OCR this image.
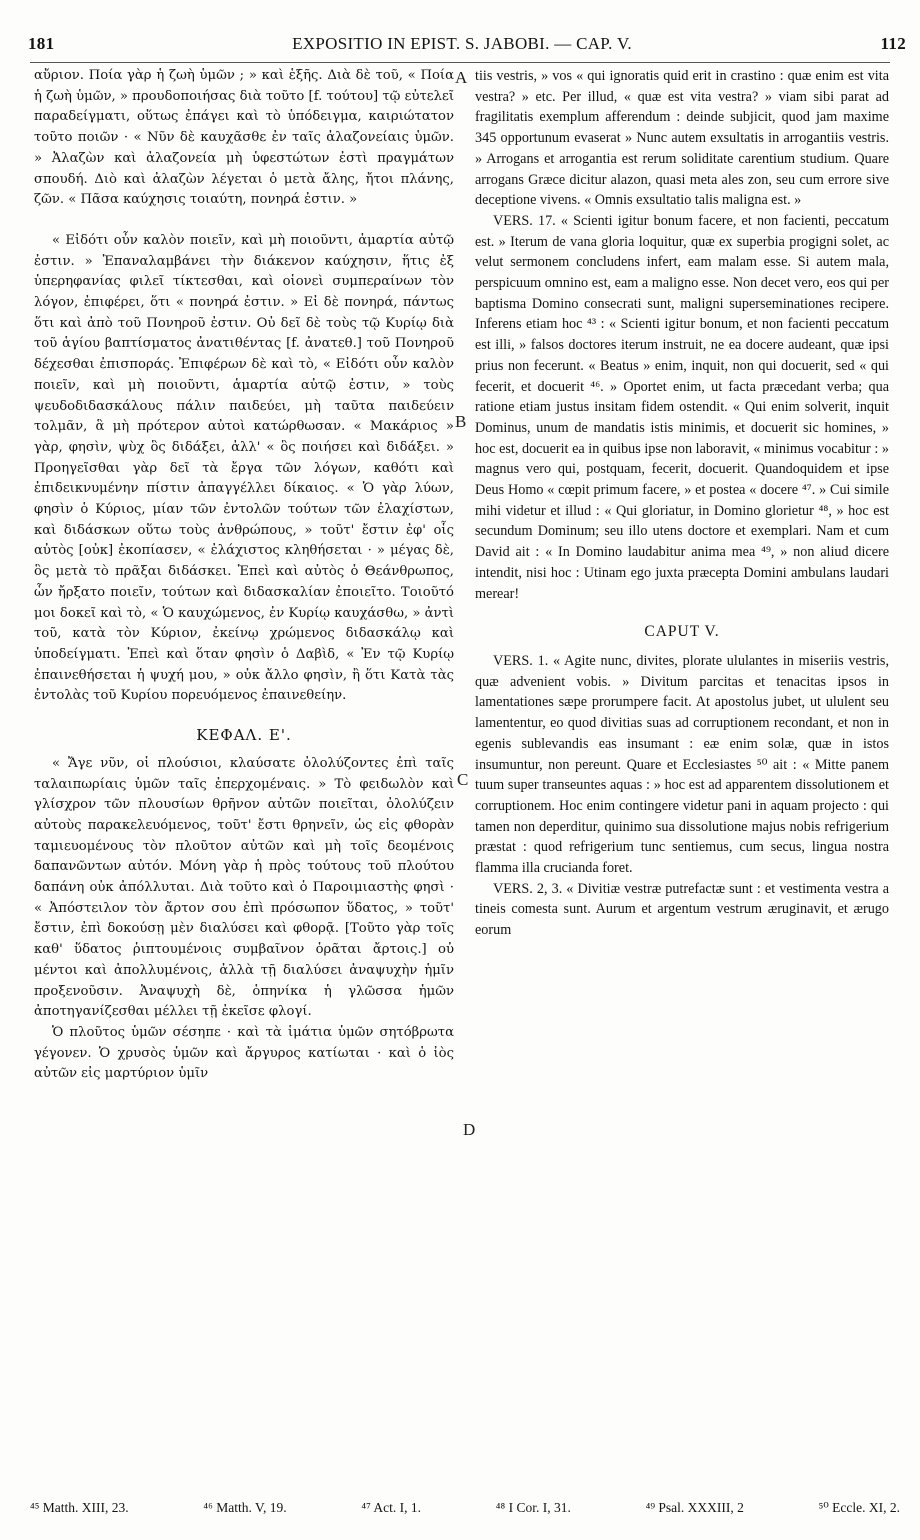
181	EXPOSITIO IN EPIST. S. JABOBI. — CAP. V.	112

αὔριον. Ποία γὰρ ἡ ζωὴ ὑμῶν ; » καὶ ἑξῆς. Διὰ δὲ τοῦ, « Ποία ἡ ζωὴ ὑμῶν, » προυδοποιήσας διὰ τοῦτο [f. τούτου] τῷ εὐτελεῖ παραδείγματι, οὕτως ἐπάγει καὶ τὸ ὑπόδειγμα, καιριώτατον τοῦτο ποιῶν · « Νῦν δὲ καυχᾶσθε ἐν ταῖς ἀλαζονείαις ὑμῶν. » Ἀλαζὼν καὶ ἀλαζονεία μὴ ὑφεστώτων ἐστὶ πραγμάτων σπουδή. Διὸ καὶ ἀλαζὼν λέγεται ὁ μετὰ ἄλης, ἤτοι πλάνης, ζῶν. « Πᾶσα καύχησις τοιαύτη, πονηρά ἐστιν. »

« Εἰδότι οὖν καλὸν ποιεῖν, καὶ μὴ ποιοῦντι, ἁμαρτία αὐτῷ ἐστιν. » Ἐπαναλαμβάνει τὴν διάκενον καύχησιν, ἥτις ἐξ ὑπερηφανίας φιλεῖ τίκτεσθαι, καὶ οἱονεὶ συμπεραίνων τὸν λόγον, ἐπιφέρει, ὅτι « πονηρά ἐστιν. » Εἰ δὲ πονηρά, πάντως ὅτι καὶ ἀπὸ τοῦ Πονηροῦ ἐστιν. Οὐ δεῖ δὲ τοὺς τῷ Κυρίῳ διὰ τοῦ ἁγίου βαπτίσματος ἀνατιθέντας [f. ἀνατεθ.] τοῦ Πονηροῦ δέχεσθαι ἐπισποράς. Ἐπιφέρων δὲ καὶ τὸ, « Εἰδότι οὖν καλὸν ποιεῖν, καὶ μὴ ποιοῦντι, ἁμαρτία αὐτῷ ἐστιν, » τοὺς ψευδοδιδασκάλους πάλιν παιδεύει, μὴ ταῦτα παιδεύειν τολμᾶν, ἃ μὴ πρότερον αὐτοὶ κατώρθωσαν. « Μακάριος » γὰρ, φησὶν, ψὺχ ὃς διδάξει, ἀλλ' « ὃς ποιήσει καὶ διδάξει. » Προηγεῖσθαι γὰρ δεῖ τὰ ἔργα τῶν λόγων, καθότι καὶ ἐπιδεικνυμένην πίστιν ἀπαγγέλλει δίκαιος. « Ὁ γὰρ λύων, φησὶν ὁ Κύριος, μίαν τῶν ἐντολῶν τούτων τῶν ἐλαχίστων, καὶ διδάσκων οὕτω τοὺς ἀνθρώπους, » τοῦτ' ἔστιν ἐφ' οἷς αὐτὸς [οὐκ] ἐκοπίασεν, « ἐλάχιστος κληθήσεται · » μέγας δὲ, ὃς μετὰ τὸ πρᾶξαι διδάσκει. Ἐπεὶ καὶ αὐτὸς ὁ Θεάνθρωπος, ὧν ἤρξατο ποιεῖν, τούτων καὶ διδασκαλίαν ἐποιεῖτο. Τοιοῦτό μοι δοκεῖ καὶ τὸ, « Ὁ καυχώμενος, ἐν Κυρίῳ καυχάσθω, » ἀντὶ τοῦ, κατὰ τὸν Κύριον, ἐκείνῳ χρώμενος διδασκάλῳ καὶ ὑποδείγματι. Ἐπεὶ καὶ ὅταν φησὶν ὁ Δαβὶδ, « Ἐν τῷ Κυρίῳ ἐπαινεθήσεται ἡ ψυχή μου, » οὐκ ἄλλο φησὶν, ἢ ὅτι Κατὰ τὰς ἐντολὰς τοῦ Κυρίου πορευόμενος ἐπαινεθείην.

ΚΕΦΑΛ. Ε'.

« Ἄγε νῦν, οἱ πλούσιοι, κλαύσατε ὀλολύζοντες ἐπὶ ταῖς ταλαιπωρίαις ὑμῶν ταῖς ἐπερχομέναις. » Τὸ φειδωλὸν καὶ γλίσχρον τῶν πλουσίων θρῆνον αὐτῶν ποιεῖται, ὀλολύζειν αὐτοὺς παρακελευόμενος, τοῦτ' ἔστι θρηνεῖν, ὡς εἰς φθορὰν ταμιευομένους τὸν πλοῦτον αὐτῶν καὶ μὴ τοῖς δεομένοις δαπανῶντων αὐτόν. Μόνη γὰρ ἡ πρὸς τούτους τοῦ πλούτου δαπάνη οὐκ ἀπόλλυται. Διὰ τοῦτο καὶ ὁ Παροιμιαστὴς φησὶ · « Ἀπόστειλον τὸν ἄρτον σου ἐπὶ πρόσωπον ὕδατος, » τοῦτ' ἔστιν, ἐπὶ δοκούσῃ μὲν διαλύσει καὶ φθορᾷ. [Τοῦτο γὰρ τοῖς καθ' ὕδατος ῥιπτουμένοις συμβαῖνον ὁρᾶται ἄρτοις.] οὐ μέντοι καὶ ἀπολλυμένοις, ἀλλὰ τῇ διαλύσει ἀναψυχὴν ἡμῖν προξενοῦσιν. Ἀναψυχὴ δὲ, ὁπηνίκα ἡ γλῶσσα ἡμῶν ἀποτηγανίζεσθαι μέλλει τῇ ἐκεῖσε φλογί.

Ὁ πλοῦτος ὑμῶν σέσηπε · καὶ τὰ ἱμάτια ὑμῶν σητόβρωτα γέγονεν. Ὁ χρυσὸς ὑμῶν καὶ ἄργυρος κατίωται · καὶ ὁ ἰὸς αὐτῶν εἰς μαρτύριον ὑμῖν

A
B
C
D

tiis vestris, » vos « qui ignoratis quid erit in crastino : quæ enim est vita vestra? » etc. Per illud, « quæ est vita vestra? » viam sibi parat ad fragilitatis exemplum afferendum : deinde subjicit, quod jam maxime 345 opportunum evaserat » Nunc autem exsultatis in arrogantiis vestris. » Arrogans et arrogantia est rerum soliditate carentium studium. Quare arrogans Græce dicitur alazon, quasi meta ales zon, seu cum errore sive deceptione vivens. « Omnis exsultatio talis maligna est. »

VERS. 17. « Scienti igitur bonum facere, et non facienti, peccatum est. » Iterum de vana gloria loquitur, quæ ex superbia progigni solet, ac velut sermonem concludens infert, eam malam esse. Si autem mala, perspicuum omnino est, eam a maligno esse. Non decet vero, eos qui per baptisma Domino consecrati sunt, maligni superseminationes recipere. Inferens etiam hoc ⁴³ : « Scienti igitur bonum, et non facienti peccatum est illi, » falsos doctores iterum instruit, ne ea docere audeant, quæ ipsi prius non fecerunt. « Beatus » enim, inquit, non qui docuerit, sed « qui fecerit, et docuerit ⁴⁶. » Oportet enim, ut facta præcedant verba; qua ratione etiam justus insitam fidem ostendit. « Qui enim solverit, inquit Dominus, unum de mandatis istis minimis, et docuerit sic homines, » hoc est, docuerit ea in quibus ipse non laboravit, « minimus vocabitur : » magnus vero qui, postquam, fecerit, docuerit. Quandoquidem et ipse Deus Homo « cœpit primum facere, » et postea « docere ⁴⁷. » Cui simile mihi videtur et illud : « Qui gloriatur, in Domino glorietur ⁴⁸, » hoc est secundum Dominum; seu illo utens doctore et exemplari. Nam et cum David ait : « In Domino laudabitur anima mea ⁴⁹, » non aliud dicere intendit, nisi hoc : Utinam ego juxta præcepta Domini ambulans laudari merear!

CAPUT V.

VERS. 1. « Agite nunc, divites, plorate ululantes in miseriis vestris, quæ advenient vobis. » Divitum parcitas et tenacitas ipsos in lamentationes sæpe prorumpere facit. At apostolus jubet, ut ululent seu lamententur, eo quod divitias suas ad corruptionem recondant, et non in egenis sublevandis eas insumant : eæ enim solæ, quæ in istos insumuntur, non pereunt. Quare et Ecclesiastes ⁵⁰ ait : « Mitte panem tuum super transeuntes aquas : » hoc est ad apparentem dissolutionem et corruptionem. Hoc enim contingere videtur pani in aquam projecto : qui tamen non deperditur, quinimo sua dissolutione majus nobis refrigerium præstat : quod refrigerium tunc sentiemus, cum secus, lingua nostra flamma illa crucianda foret.

VERS. 2, 3. « Divitiæ vestræ putrefactæ sunt : et vestimenta vestra a tineis comesta sunt. Aurum et argentum vestrum æruginavit, et ærugo eorum

⁴⁵ Matth. XIII, 23.	⁴⁶ Matth. V, 19.	⁴⁷ Act. I, 1.	⁴⁸ I Cor. I, 31.	⁴⁹ Psal. XXXIII, 2	⁵⁰ Eccle. XI, 2.
